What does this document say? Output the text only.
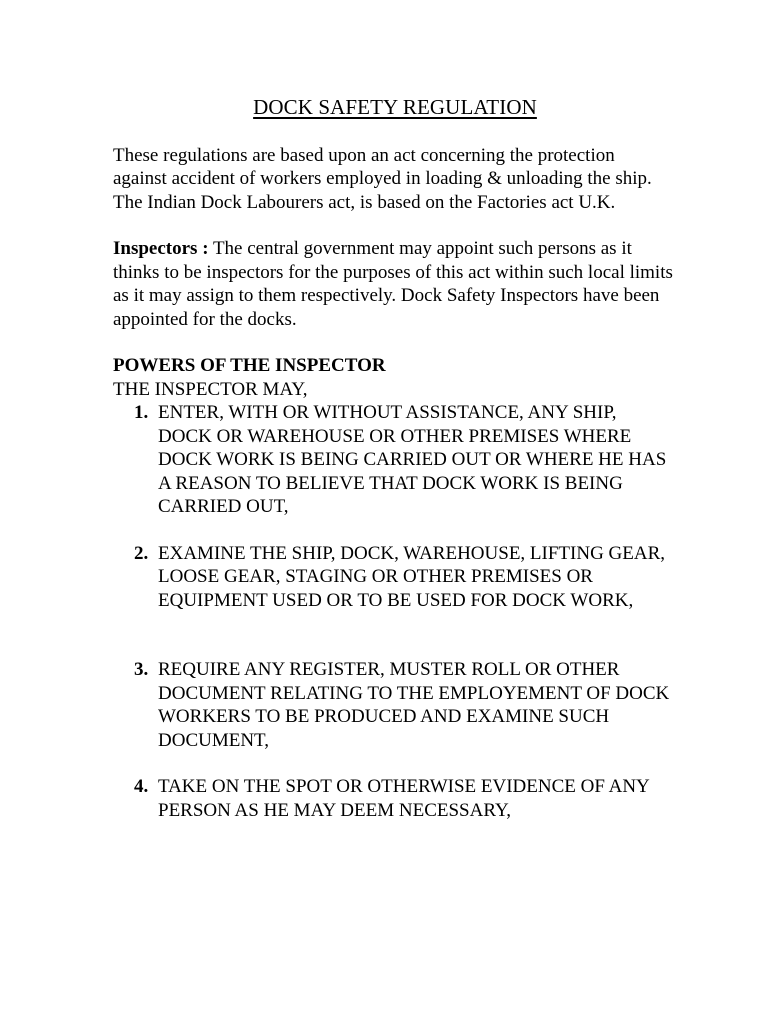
DOCK SAFETY REGULATION

These regulations are based upon an act concerning the protection against accident of workers employed in loading & unloading the ship. The Indian Dock Labourers act, is based on the Factories act U.K.

Inspectors : The central government may appoint such persons as it thinks to be inspectors for the purposes of this act within such local limits as it may assign to them respectively. Dock Safety Inspectors have been appointed for the docks.

POWERS OF THE INSPECTOR
THE INSPECTOR MAY,
1. ENTER, WITH OR WITHOUT ASSISTANCE, ANY SHIP, DOCK OR WAREHOUSE OR OTHER PREMISES WHERE DOCK WORK IS BEING CARRIED OUT OR WHERE HE HAS A REASON TO BELIEVE THAT DOCK WORK IS BEING CARRIED OUT,
2. EXAMINE THE SHIP, DOCK, WAREHOUSE, LIFTING GEAR, LOOSE GEAR, STAGING OR OTHER PREMISES OR EQUIPMENT USED OR TO BE USED FOR DOCK WORK,
3. REQUIRE ANY REGISTER, MUSTER ROLL OR OTHER DOCUMENT RELATING TO THE EMPLOYEMENT OF DOCK WORKERS TO BE PRODUCED AND EXAMINE SUCH DOCUMENT,
4. TAKE ON THE SPOT OR OTHERWISE EVIDENCE OF ANY PERSON AS HE MAY DEEM NECESSARY,
